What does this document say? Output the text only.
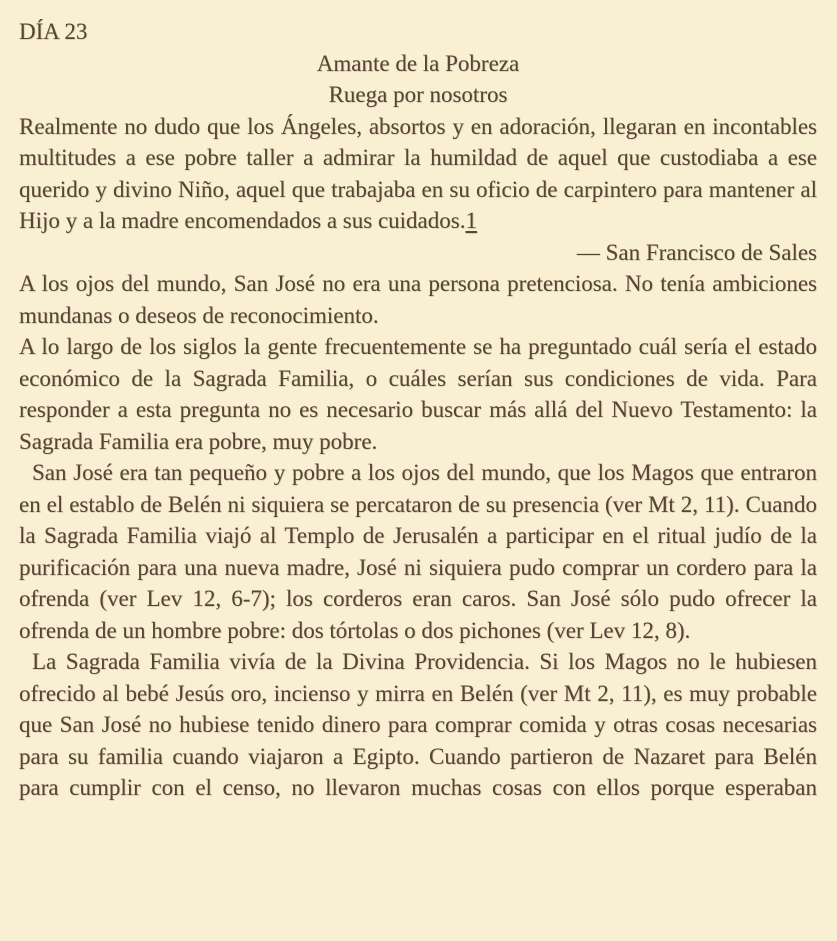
DÍA 23

Amante de la Pobreza

Ruega por nosotros

Realmente no dudo que los Ángeles, absortos y en adoración, llegaran en incontables multitudes a ese pobre taller a admirar la humildad de aquel que custodiaba a ese querido y divino Niño, aquel que trabajaba en su oficio de carpintero para mantener al Hijo y a la madre encomendados a sus cuidados.1

— San Francisco de Sales

A los ojos del mundo, San José no era una persona pretenciosa. No tenía ambiciones mundanas o deseos de reconocimiento.

A lo largo de los siglos la gente frecuentemente se ha preguntado cuál sería el estado económico de la Sagrada Familia, o cuáles serían sus condiciones de vida. Para responder a esta pregunta no es necesario buscar más allá del Nuevo Testamento: la Sagrada Familia era pobre, muy pobre.

San José era tan pequeño y pobre a los ojos del mundo, que los Magos que entraron en el establo de Belén ni siquiera se percataron de su presencia (ver Mt 2, 11). Cuando la Sagrada Familia viajó al Templo de Jerusalén a participar en el ritual judío de la purificación para una nueva madre, José ni siquiera pudo comprar un cordero para la ofrenda (ver Lev 12, 6-7); los corderos eran caros. San José sólo pudo ofrecer la ofrenda de un hombre pobre: dos tórtolas o dos pichones (ver Lev 12, 8).

La Sagrada Familia vivía de la Divina Providencia. Si los Magos no le hubiesen ofrecido al bebé Jesús oro, incienso y mirra en Belén (ver Mt 2, 11), es muy probable que San José no hubiese tenido dinero para comprar comida y otras cosas necesarias para su familia cuando viajaron a Egipto. Cuando partieron de Nazaret para Belén para cumplir con el censo, no llevaron muchas cosas con ellos porque esperaban
